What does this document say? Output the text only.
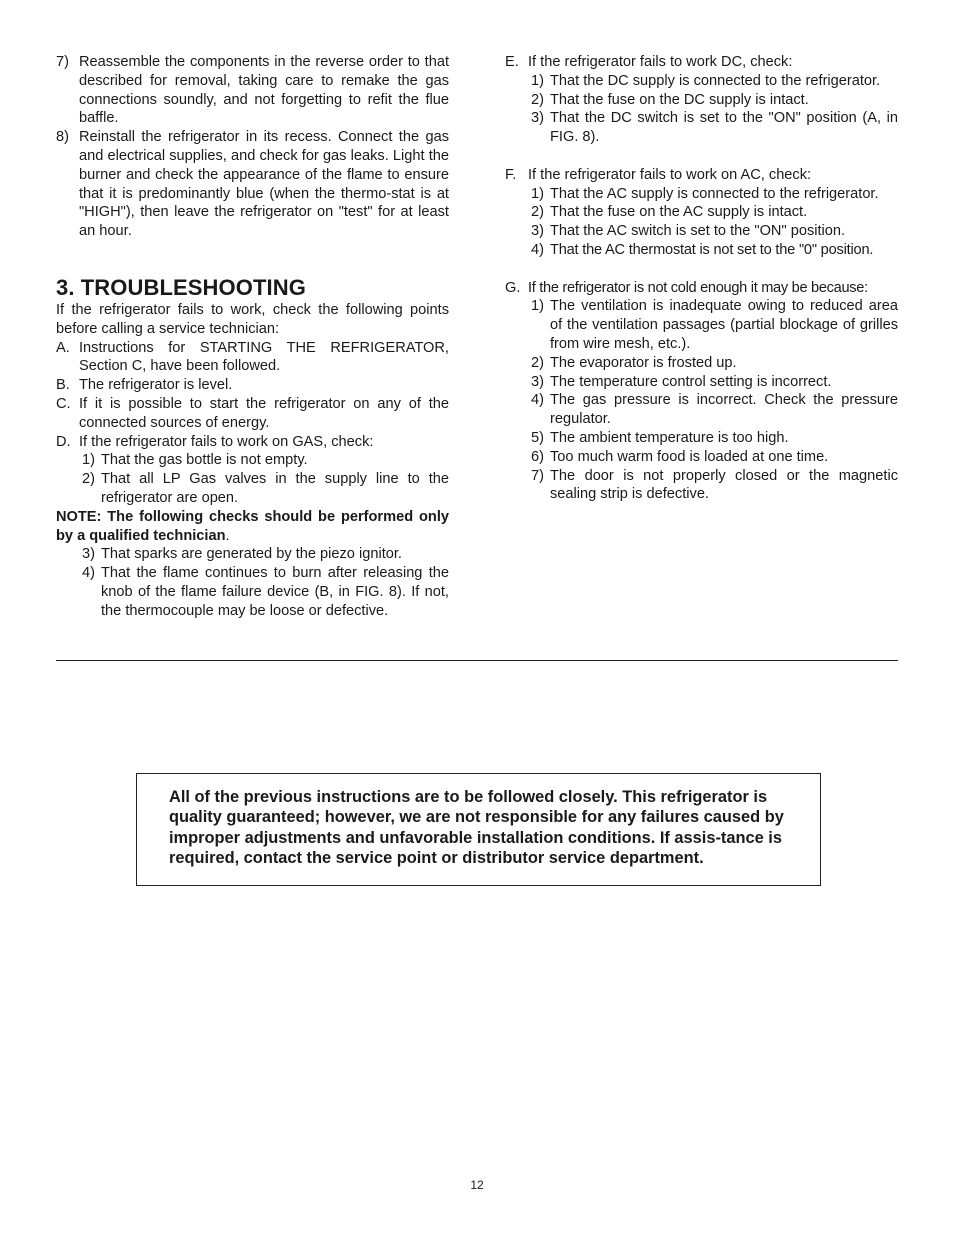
7) Reassemble the components in the reverse order to that described for removal, taking care to remake the gas connections soundly, and not forgetting to refit the flue baffle.
8) Reinstall the refrigerator in its recess. Connect the gas and electrical supplies, and check for gas leaks. Light the burner and check the appearance of the flame to ensure that it is predominantly blue (when the thermo-stat is at "HIGH"), then leave the refrigerator on "test" for at least an hour.
3. TROUBLESHOOTING
If the refrigerator fails to work, check the following points before calling a service technician:
A. Instructions for STARTING THE REFRIGERATOR, Section C, have been followed.
B. The refrigerator is level.
C. If it is possible to start the refrigerator on any of the connected sources of energy.
D. If the refrigerator fails to work on GAS, check:
1) That the gas bottle is not empty.
2) That all LP Gas valves in the supply line to the refrigerator are open.
NOTE: The following checks should be performed only by a qualified technician.
3) That sparks are generated by the piezo ignitor.
4) That the flame continues to burn after releasing the knob of the flame failure device (B, in FIG. 8). If not, the thermocouple may be loose or defective.
E. If the refrigerator fails to work DC, check:
1) That the DC supply is connected to the refrigerator.
2) That the fuse on the DC supply is intact.
3) That the DC switch is set to the "ON" position (A, in FIG. 8).
F. If the refrigerator fails to work on AC, check:
1) That the AC supply is connected to the refrigerator.
2) That the fuse on the AC supply is intact.
3) That the AC switch is set to the "ON" position.
4) That the AC thermostat is not set to the "0" position.
G. If the refrigerator is not cold enough it may be because:
1) The ventilation is inadequate owing to reduced area of the ventilation passages (partial blockage of grilles from wire mesh, etc.).
2) The evaporator is frosted up.
3) The temperature control setting is incorrect.
4) The gas pressure is incorrect. Check the pressure regulator.
5) The ambient temperature is too high.
6) Too much warm food is loaded at one time.
7) The door is not properly closed or the magnetic sealing strip is defective.
All of the previous instructions are to be followed closely. This refrigerator is quality guaranteed; however, we are not responsible for any failures caused by improper adjustments and unfavorable installation conditions. If assis-tance is required, contact the service point or distributor service department.
12
